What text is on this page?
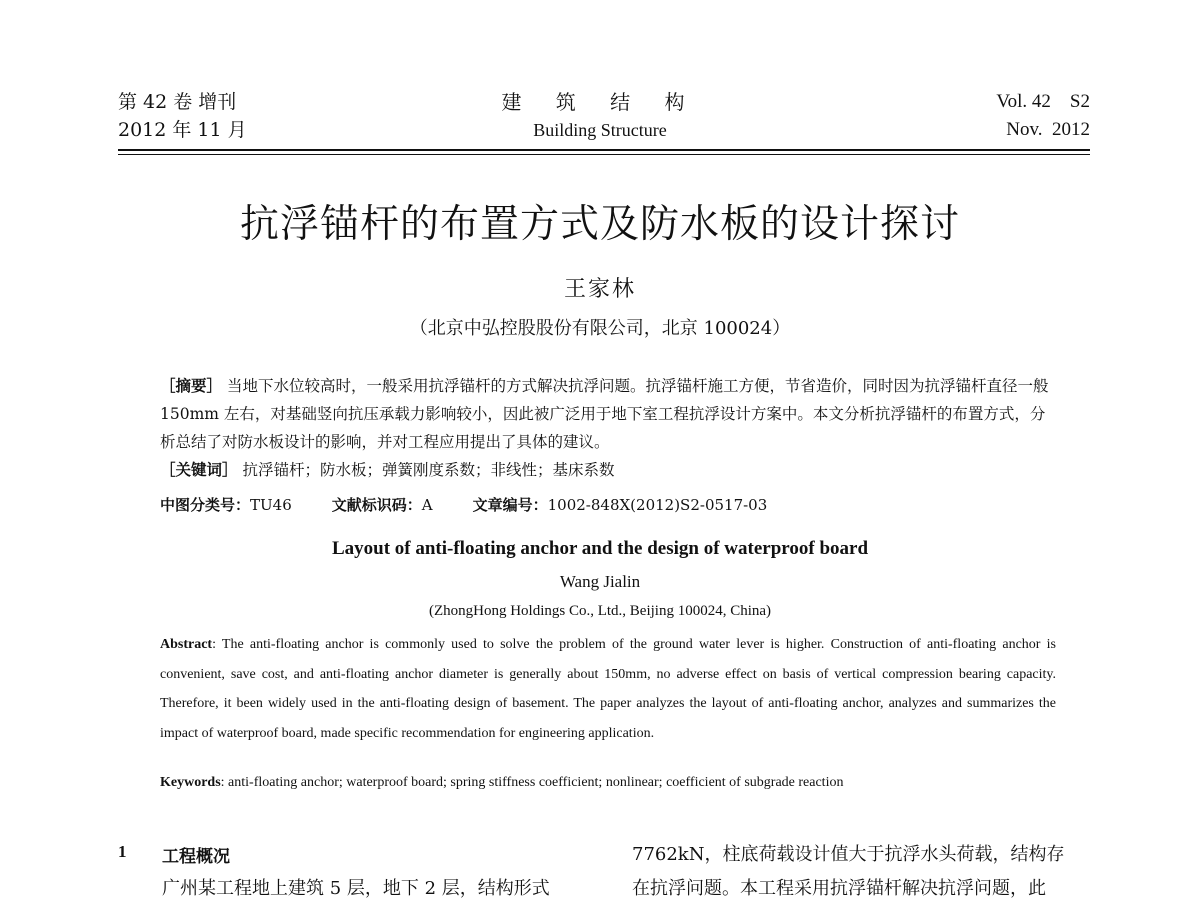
第 42 卷 增刊
2012 年 11 月
建 筑 结 构
Building Structure
Vol. 42    S2
Nov.  2012
抗浮锚杆的布置方式及防水板的设计探讨
王家林
（北京中弘控股股份有限公司，北京 100024）
［摘要］ 当地下水位较高时，一般采用抗浮锚杆的方式解决抗浮问题。抗浮锚杆施工方便，节省造价，同时因为抗浮锚杆直径一般 150mm 左右，对基础竖向抗压承载力影响较小，因此被广泛用于地下室工程抗浮设计方案中。本文分析抗浮锚杆的布置方式，分析总结了对防水板设计的影响，并对工程应用提出了具体的建议。
［关键词］ 抗浮锚杆；防水板；弹簧刚度系数；非线性；基床系数
中图分类号：TU46	文献标识码：A	文章编号：1002-848X(2012)S2-0517-03
Layout of anti-floating anchor and the design of waterproof board
Wang Jialin
(ZhongHong Holdings Co., Ltd., Beijing 100024, China)
Abstract: The anti-floating anchor is commonly used to solve the problem of the ground water lever is higher. Construction of anti-floating anchor is convenient, save cost, and anti-floating anchor diameter is generally about 150mm, no adverse effect on basis of vertical compression bearing capacity. Therefore, it been widely used in the anti-floating design of basement. The paper analyzes the layout of anti-floating anchor, analyzes and summarizes the impact of waterproof board, made specific recommendation for engineering application.
Keywords: anti-floating anchor; waterproof board; spring stiffness coefficient; nonlinear; coefficient of subgrade reaction
1 工程概况
广州某工程地上建筑 5 层，地下 2 层，结构形式
7762kN，柱底荷载设计值大于抗浮水头荷载，结构存
在抗浮问题。本工程采用抗浮锚杆解决抗浮问题，此
